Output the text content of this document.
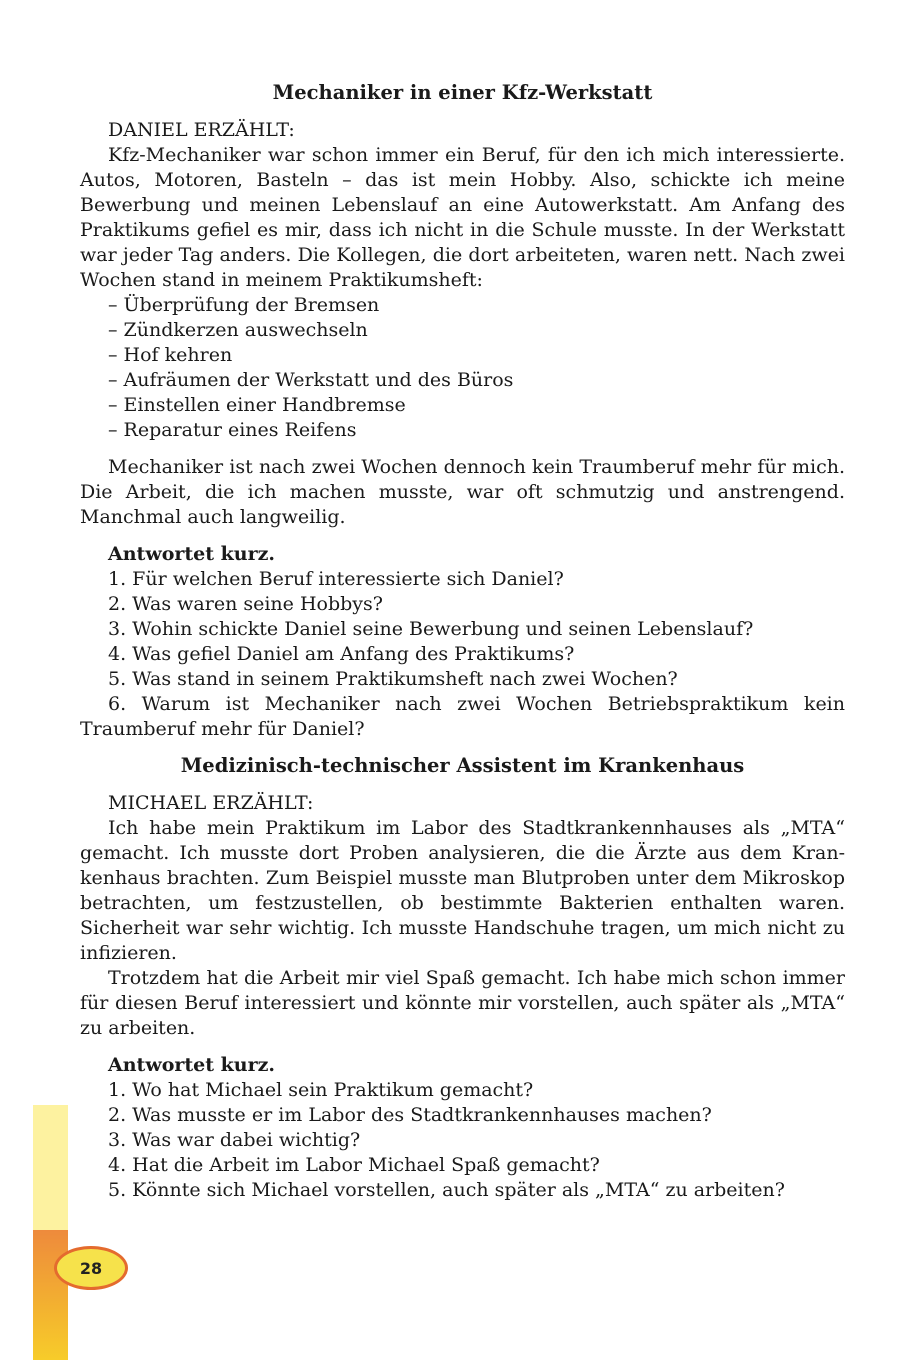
28
Mechaniker in einer Kfz-Werkstatt
DANIEL ERZÄHLT:

Kfz-Mechaniker war schon immer ein Beruf, für den ich mich interessierte. Autos, Motoren, Basteln – das ist mein Hobby. Also, schickte ich meine Bewerbung und meinen Lebenslauf an eine Autowerkstatt. Am Anfang des Praktikums gefiel es mir, dass ich nicht in die Schule musste. In der Werkstatt war jeder Tag anders. Die Kollegen, die dort arbeiteten, waren nett. Nach zwei Wochen stand in meinem Praktikumsheft:

– Überprüfung der Bremsen
– Zündkerzen auswechseln
– Hof kehren
– Aufräumen der Werkstatt und des Büros
– Einstellen einer Handbremse
– Reparatur eines Reifens

Mechaniker ist nach zwei Wochen dennoch kein Traumberuf mehr für mich. Die Arbeit, die ich machen musste, war oft schmutzig und anstrengend. Manchmal auch langweilig.

Antwortet kurz.
1. Für welchen Beruf interessierte sich Daniel?
2. Was waren seine Hobbys?
3. Wohin schickte Daniel seine Bewerbung und seinen Lebenslauf?
4. Was gefiel Daniel am Anfang des Praktikums?
5. Was stand in seinem Praktikumsheft nach zwei Wochen?
6. Warum ist Mechaniker nach zwei Wochen Betriebspraktikum kein Traumberuf mehr für Daniel?
Medizinisch-technischer Assistent im Krankenhaus
MICHAEL ERZÄHLT:

Ich habe mein Praktikum im Labor des Stadtkrankennhauses als „MTA“ gemacht. Ich musste dort Proben analysieren, die die Ärzte aus dem Krankenhaus brachten. Zum Beispiel musste man Blutproben unter dem Mikroskop betrachten, um festzustellen, ob bestimmte Bakterien enthalten waren. Sicherheit war sehr wichtig. Ich musste Handschuhe tragen, um mich nicht zu infizieren.

Trotzdem hat die Arbeit mir viel Spaß gemacht. Ich habe mich schon immer für diesen Beruf interessiert und könnte mir vorstellen, auch später als „MTA“ zu arbeiten.

Antwortet kurz.
1. Wo hat Michael sein Praktikum gemacht?
2. Was musste er im Labor des Stadtkrankennhauses machen?
3. Was war dabei wichtig?
4. Hat die Arbeit im Labor Michael Spaß gemacht?
5. Könnte sich Michael vorstellen, auch später als „MTA“ zu arbeiten?
